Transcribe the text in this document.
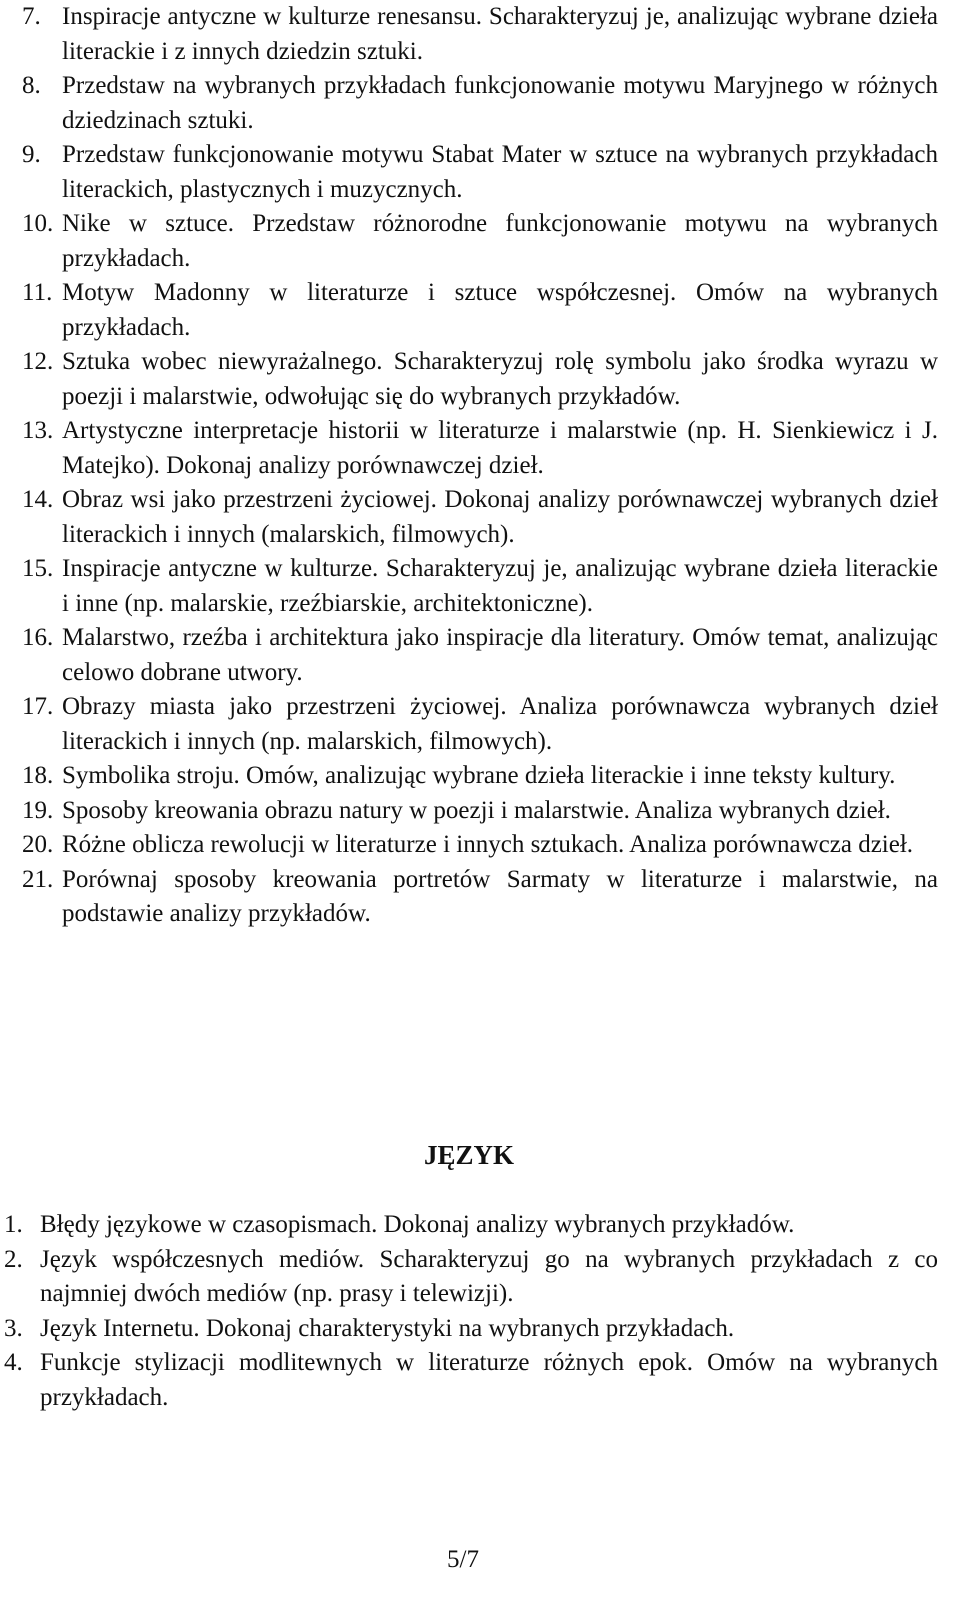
7. Inspiracje antyczne w kulturze renesansu. Scharakteryzuj je, analizując wybrane dzieła literackie i z innych dziedzin sztuki.
8. Przedstaw na wybranych przykładach funkcjonowanie motywu Maryjnego w różnych dziedzinach sztuki.
9. Przedstaw funkcjonowanie motywu Stabat Mater w sztuce na wybranych przykładach literackich, plastycznych i muzycznych.
10. Nike w sztuce. Przedstaw różnorodne funkcjonowanie motywu na wybranych przykładach.
11. Motyw Madonny w literaturze i sztuce współczesnej. Omów na wybranych przykładach.
12. Sztuka wobec niewyrażalnego. Scharakteryzuj rolę symbolu jako środka wyrazu w poezji i malarstwie, odwołując się do wybranych przykładów.
13. Artystyczne interpretacje historii w literaturze i malarstwie (np. H. Sienkiewicz i J. Matejko). Dokonaj analizy porównawczej dzieł.
14. Obraz wsi jako przestrzeni życiowej. Dokonaj analizy porównawczej wybranych dzieł literackich i innych (malarskich, filmowych).
15. Inspiracje antyczne w kulturze. Scharakteryzuj je, analizując wybrane dzieła literackie i inne (np. malarskie, rzeźbiarskie, architektoniczne).
16. Malarstwo, rzeźba i architektura jako inspiracje dla literatury. Omów temat, analizując celowo dobrane utwory.
17. Obrazy miasta jako przestrzeni życiowej. Analiza porównawcza wybranych dzieł literackich i innych (np. malarskich, filmowych).
18. Symbolika stroju. Omów, analizując wybrane dzieła literackie i inne teksty kultury.
19. Sposoby kreowania obrazu natury w poezji i malarstwie. Analiza wybranych dzieł.
20. Różne oblicza rewolucji w literaturze i innych sztukach. Analiza porównawcza dzieł.
21. Porównaj sposoby kreowania portretów Sarmaty w literaturze i malarstwie, na podstawie analizy przykładów.
JĘZYK
1. Błędy językowe w czasopismach. Dokonaj analizy wybranych przykładów.
2. Język współczesnych mediów. Scharakteryzuj go na wybranych przykładach z co najmniej dwóch mediów (np. prasy i telewizji).
3. Język Internetu. Dokonaj charakterystyki na wybranych przykładach.
4. Funkcje stylizacji modlitewnych w literaturze różnych epok. Omów na wybranych przykładach.
5/7
